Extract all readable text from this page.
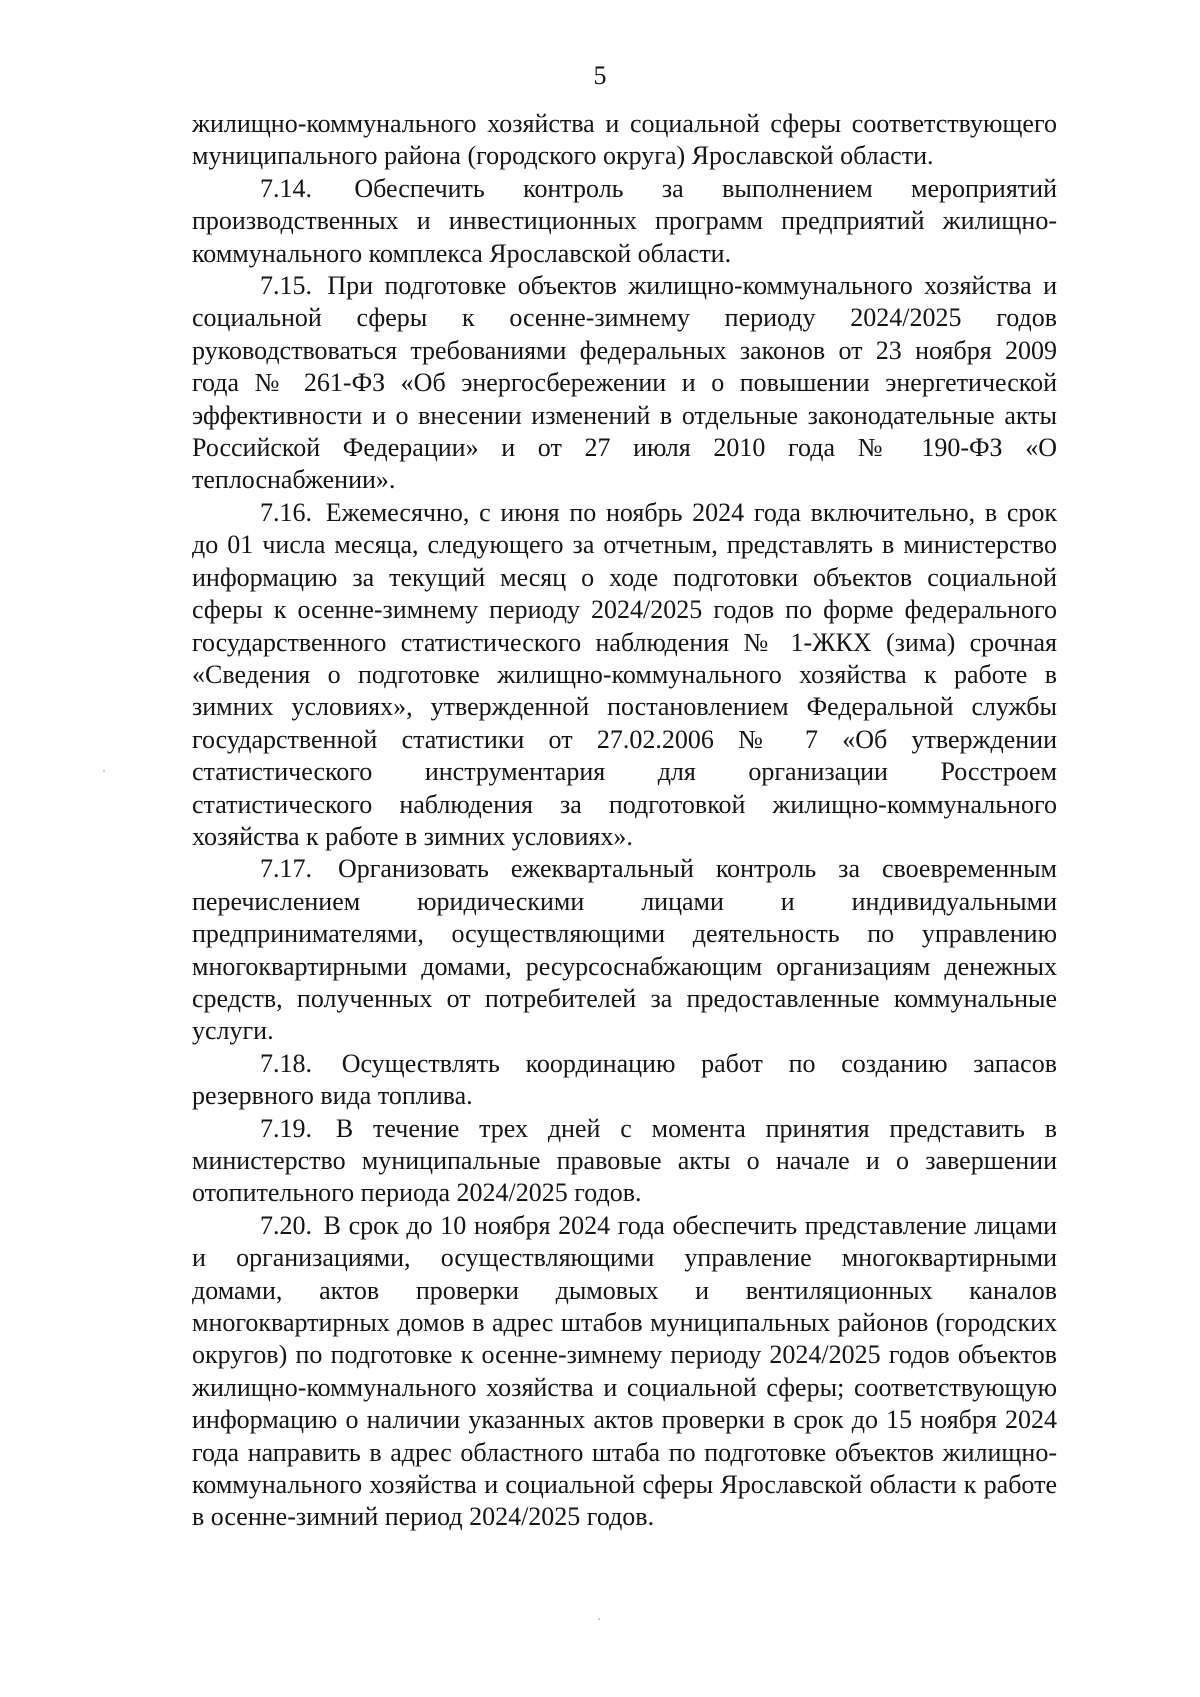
5

жилищно-коммунального хозяйства и социальной сферы соответствующего муниципального района (городского округа) Ярославской области.

7.14. Обеспечить контроль за выполнением мероприятий производственных и инвестиционных программ предприятий жилищно-коммунального комплекса Ярославской области.

7.15. При подготовке объектов жилищно-коммунального хозяйства и социальной сферы к осенне-зимнему периоду 2024/2025 годов руководствоваться требованиями федеральных законов от 23 ноября 2009 года № 261-ФЗ «Об энергосбережении и о повышении энергетической эффективности и о внесении изменений в отдельные законодательные акты Российской Федерации» и от 27 июля 2010 года № 190-ФЗ «О теплоснабжении».

7.16. Ежемесячно, с июня по ноябрь 2024 года включительно, в срок до 01 числа месяца, следующего за отчетным, представлять в министерство информацию за текущий месяц о ходе подготовки объектов социальной сферы к осенне-зимнему периоду 2024/2025 годов по форме федерального государственного статистического наблюдения № 1-ЖКХ (зима) срочная «Сведения о подготовке жилищно-коммунального хозяйства к работе в зимних условиях», утвержденной постановлением Федеральной службы государственной статистики от 27.02.2006 № 7 «Об утверждении статистического инструментария для организации Росстроем статистического наблюдения за подготовкой жилищно-коммунального хозяйства к работе в зимних условиях».

7.17. Организовать ежеквартальный контроль за своевременным перечислением юридическими лицами и индивидуальными предпринимателями, осуществляющими деятельность по управлению многоквартирными домами, ресурсоснабжающим организациям денежных средств, полученных от потребителей за предоставленные коммунальные услуги.

7.18. Осуществлять координацию работ по созданию запасов резервного вида топлива.

7.19. В течение трех дней с момента принятия представить в министерство муниципальные правовые акты о начале и о завершении отопительного периода 2024/2025 годов.

7.20. В срок до 10 ноября 2024 года обеспечить представление лицами и организациями, осуществляющими управление многоквартирными домами, актов проверки дымовых и вентиляционных каналов многоквартирных домов в адрес штабов муниципальных районов (городских округов) по подготовке к осенне-зимнему периоду 2024/2025 годов объектов жилищно-коммунального хозяйства и социальной сферы; соответствующую информацию о наличии указанных актов проверки в срок до 15 ноября 2024 года направить в адрес областного штаба по подготовке объектов жилищно-коммунального хозяйства и социальной сферы Ярославской области к работе в осенне-зимний период 2024/2025 годов.
